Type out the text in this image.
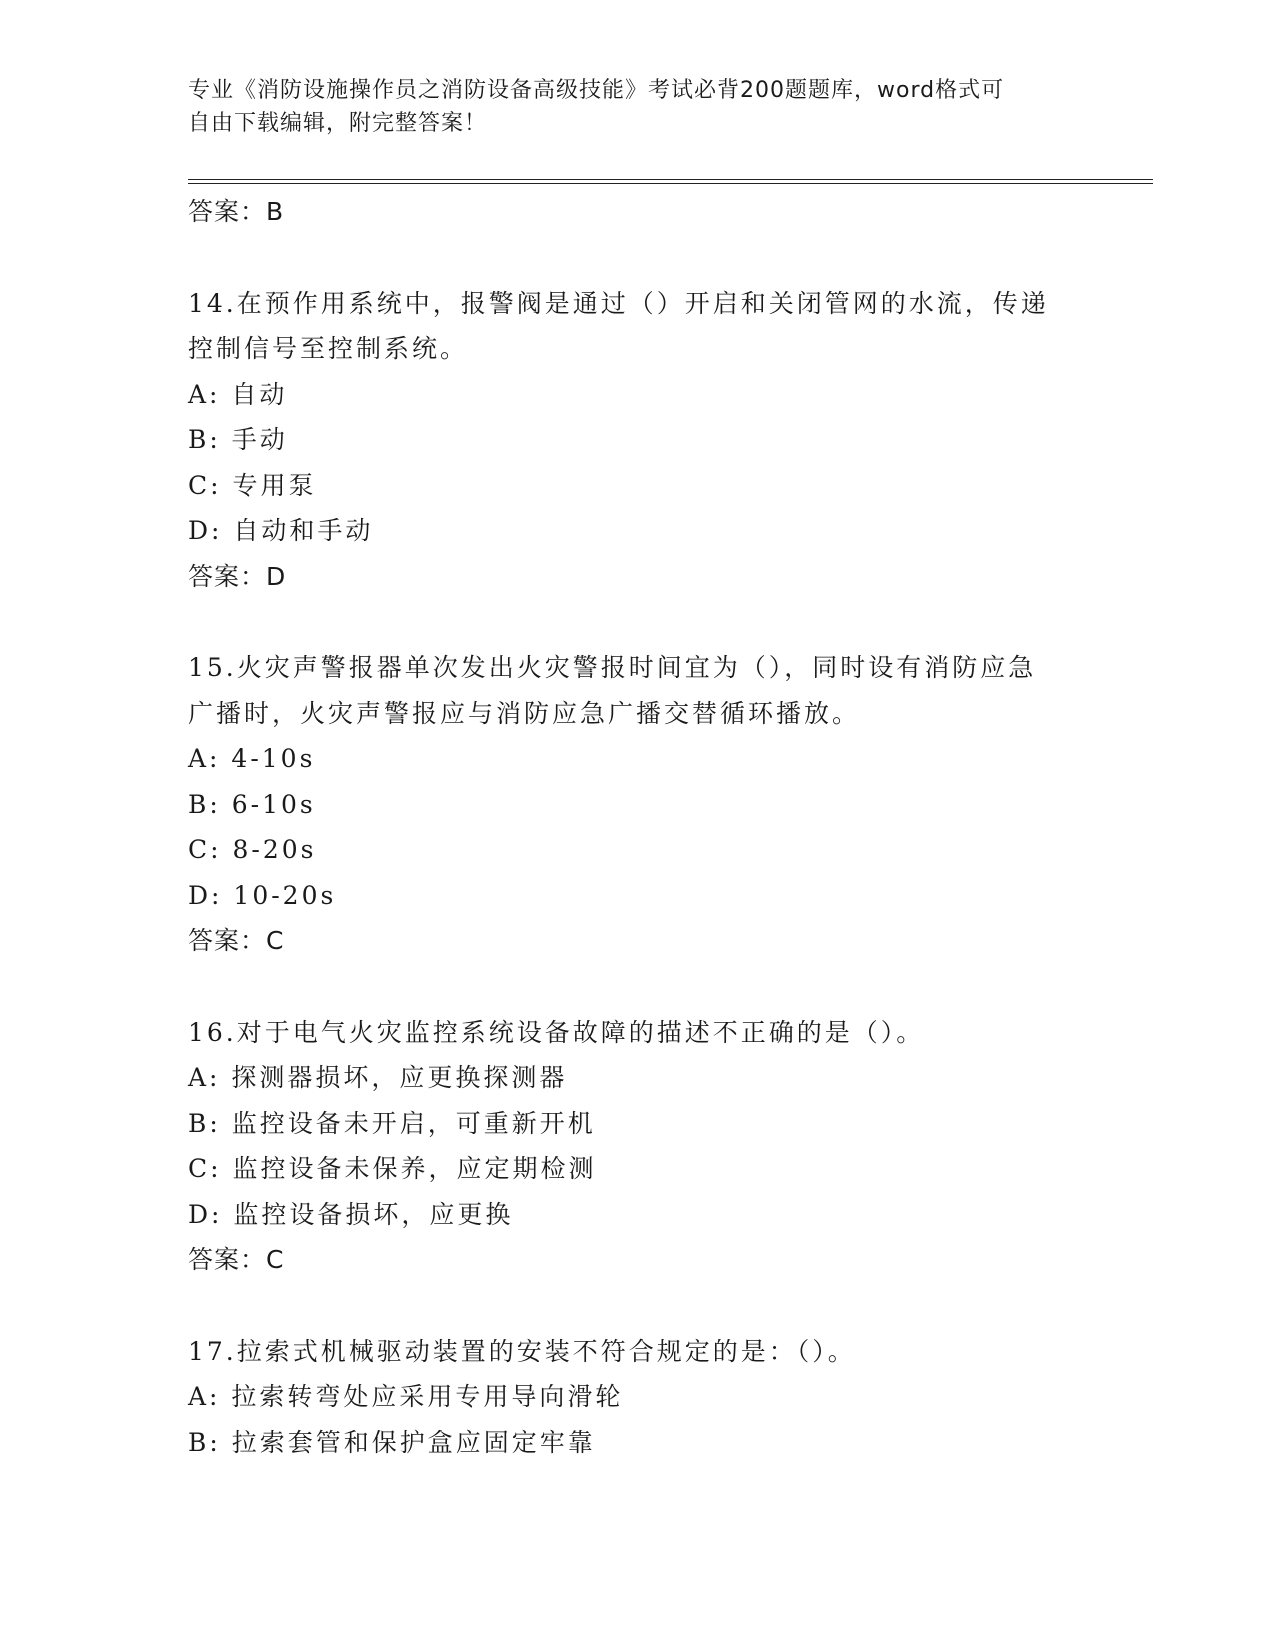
专业《消防设施操作员之消防设备高级技能》考试必背200题题库，word格式可
自由下载编辑，附完整答案！
答案：B
14.在预作用系统中，报警阀是通过（）开启和关闭管网的水流，传递
控制信号至控制系统。
A: 自动
B: 手动
C: 专用泵
D: 自动和手动
答案：D
15.火灾声警报器单次发出火灾警报时间宜为（），同时设有消防应急
广播时，火灾声警报应与消防应急广播交替循环播放。
A: 4-10s
B: 6-10s
C: 8-20s
D: 10-20s
答案：C
16.对于电气火灾监控系统设备故障的描述不正确的是（）。
A: 探测器损坏，应更换探测器
B: 监控设备未开启，可重新开机
C: 监控设备未保养，应定期检测
D: 监控设备损坏，应更换
答案：C
17.拉索式机械驱动装置的安装不符合规定的是：（）。
A: 拉索转弯处应采用专用导向滑轮
B: 拉索套管和保护盒应固定牢靠
